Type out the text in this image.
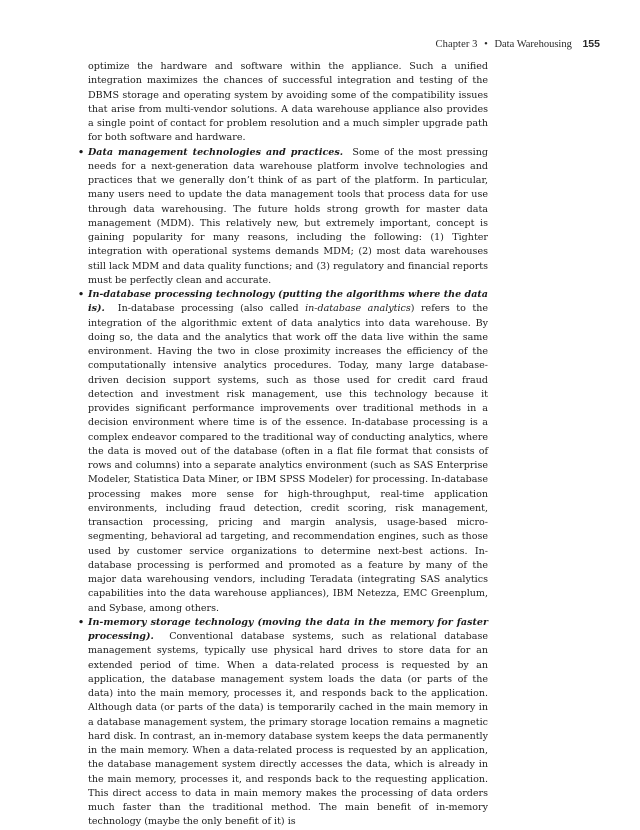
Chapter 3 • Data Warehousing 155

optimize the hardware and software within the appliance. Such a unified integration maximizes the chances of successful integration and testing of the DBMS storage and operating system by avoiding some of the compatibility issues that arise from multi-vendor solutions. A data warehouse appliance also provides a single point of contact for problem resolution and a much simpler upgrade path for both software and hardware.

• Data management technologies and practices. Some of the most pressing needs for a next-generation data warehouse platform involve technologies and practices that we generally don’t think of as part of the platform. In particular, many users need to update the data management tools that process data for use through data warehousing. The future holds strong growth for master data management (MDM). This relatively new, but extremely important, concept is gaining popularity for many reasons, including the following: (1) Tighter integration with operational systems demands MDM; (2) most data warehouses still lack MDM and data quality functions; and (3) regulatory and financial reports must be perfectly clean and accurate.
• In-database processing technology (putting the algorithms where the data is). In-database processing (also called in-database analytics) refers to the integration of the algorithmic extent of data analytics into data warehouse. By doing so, the data and the analytics that work off the data live within the same environment. Having the two in close proximity increases the efficiency of the computationally intensive analytics procedures. Today, many large database-driven decision support systems, such as those used for credit card fraud detection and investment risk management, use this technology because it provides significant performance improvements over traditional methods in a decision environment where time is of the essence. In-database processing is a complex endeavor compared to the traditional way of conducting analytics, where the data is moved out of the database (often in a flat file format that consists of rows and columns) into a separate analytics environment (such as SAS Enterprise Modeler, Statistica Data Miner, or IBM SPSS Modeler) for processing. In-database processing makes more sense for high-throughput, real-time application environments, including fraud detection, credit scoring, risk management, transaction processing, pricing and margin analysis, usage-based micro-segmenting, behavioral ad targeting, and recommendation engines, such as those used by customer service organizations to determine next-best actions. In-database processing is performed and promoted as a feature by many of the major data warehousing vendors, including Teradata (integrating SAS analytics capabilities into the data warehouse appliances), IBM Netezza, EMC Greenplum, and Sybase, among others.
• In-memory storage technology (moving the data in the memory for faster processing). Conventional database systems, such as relational database management systems, typically use physical hard drives to store data for an extended period of time. When a data-related process is requested by an application, the database management system loads the data (or parts of the data) into the main memory, processes it, and responds back to the application. Although data (or parts of the data) is temporarily cached in the main memory in a database management system, the primary storage location remains a magnetic hard disk. In contrast, an in-memory database system keeps the data permanently in the main memory. When a data-related process is requested by an application, the database management system directly accesses the data, which is already in the main memory, processes it, and responds back to the requesting application. This direct access to data in main memory makes the processing of data orders much faster than the traditional method. The main benefit of in-memory technology (maybe the only benefit of it) is
